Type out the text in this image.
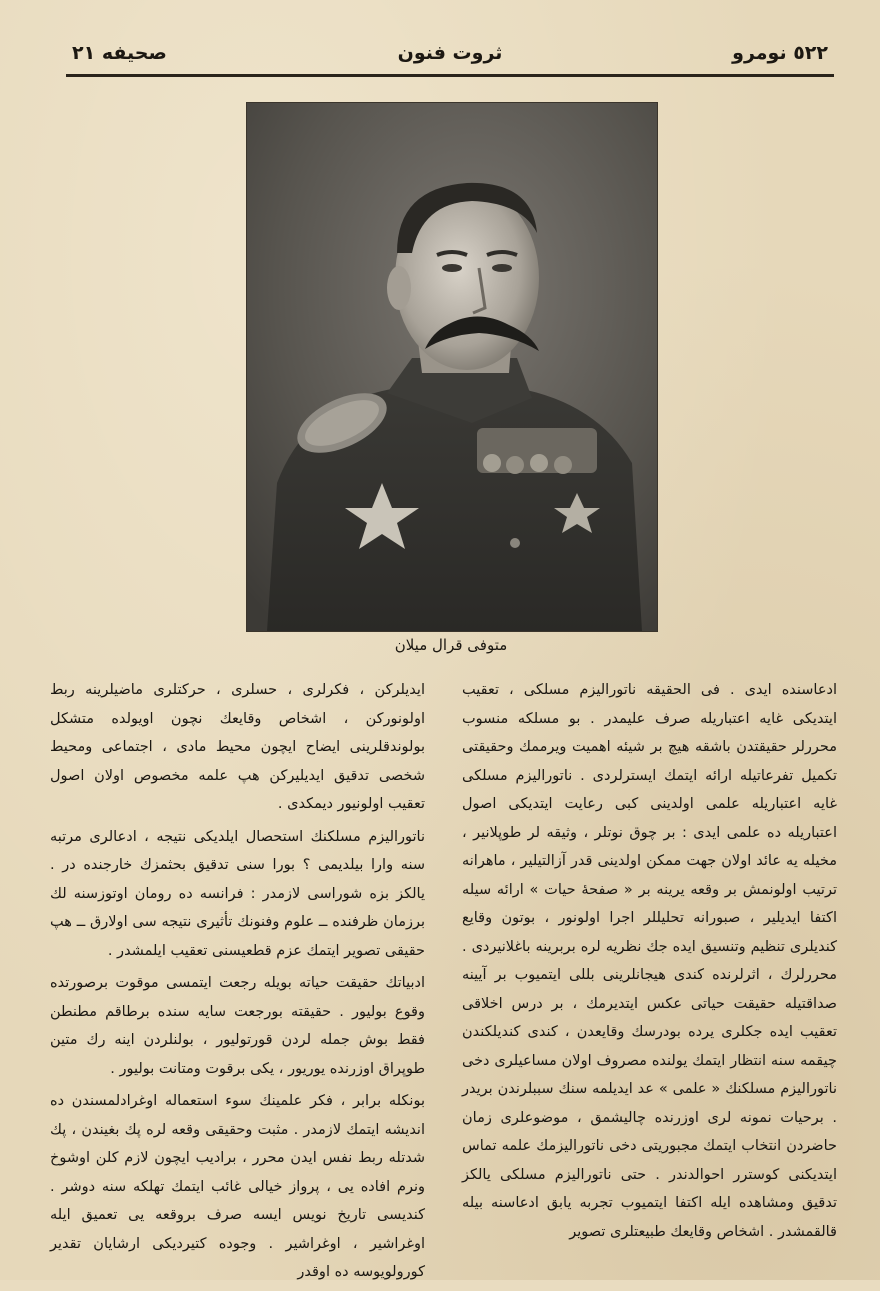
٥٢٢ نومرو
ثروت فنون
صحيفه ٢١
متوفى قرال ميلان

ادعاسنده ايدى . فى الحقيقه ناتوراليزم مسلكى ، تعقيب ايتديكى غايه اعتباريله صرف عليمدر . بو مسلكه منسوب محررلر حقيقتدن باشقه هيچ بر شيئه اهميت ويرممك وحقيقتى تكميل تفرعاتيله ارائه ايتمك ايسترلردى . ناتوراليزم مسلكى غايه اعتباريله علمى اولدينى كبى رعايت ايتديكى اصول اعتباريله ده علمى ايدى : بر چوق نوتلر ، وثيقه لر طوپلانير ، مخيله يه عائد اولان جهت ممكن اولدينى قدر آزالتيلير ، ماهرانه ترتيب اولونمش بر وقعه يرينه بر « صفحهٔ حيات » ارائه سيله اكتفا ايديلير ، صبورانه تحليللر اجرا اولونور ، بوتون وقايع كنديلرى تنظيم وتنسيق ايده جك نظريه لره بربرينه باغلانيردى . محررلرك ، اثرلرنده كندى هيجانلرينى بللى ايتميوب بر آيينه صداقتيله حقيقت حياتى عكس ايتديرمك ، بر درس اخلاقى تعقيب ايده جكلرى يرده بودرسك وقايعدن ، كندى كنديلكندن چيقمه سنه انتظار ايتمك يولنده مصروف اولان مساعيلرى دخى ناتوراليزم مسلكنك « علمى » عد ايديلمه سنك سببلرندن بريدر . برحيات نمونه لرى اوزرنده چاليشمق ، موضوعلرى زمان حاضردن انتخاب ايتمك مجبوريتى دخى ناتوراليزمك علمه تماس ايتديكنى كوسترر احوالدندر . حتى ناتوراليزم مسلكى يالكز تدقيق ومشاهده ايله اكتفا ايتميوب تجربه يابق ادعاسنه بيله قالقمشدر . اشخاص وقايعك طبيعتلرى تصوير

ايديلركن ، فكرلرى ، حسلرى ، حركتلرى ماضيلرينه ربط اولونوركن ، اشخاص وقايعك نچون اويولده متشكل بولوندقلرينى ايضاح ايچون محيط مادى ، اجتماعى ومحيط شخصى تدقيق ايديليركن هپ علمه مخصوص اولان اصول تعقيب اولونيور ديمكدى .

ناتوراليزم مسلكنك استحصال ايلديكى نتيجه ، ادعالرى مرتبه سنه وارا بيلديمى ؟ بورا سنى تدقيق بحثمزك خارجنده در . يالكز بزه شوراسى لازمدر : فرانسه ده رومان اوتوزسنه لك برزمان ظرفنده ــ علوم وفنونك تأثيرى نتيجه سى اولارق ــ هپ حقيقى تصوير ايتمك عزم قطعيسنى تعقيب ايلمشدر .

ادبياتك حقيقت حياته بويله رجعت ايتمسى موقوت برصورتده وقوع بوليور . حقيقته بورجعت سايه سنده برطاقم مطنطن فقط بوش جمله لردن قورتوليور ، بولنلردن اينه رك متين طوپراق اوزرنده يوريور ، يكى برقوت ومتانت بوليور .

بونكله برابر ، فكر علمينك سوء استعماله اوغرادلمسندن ده انديشه ايتمك لازمدر . مثبت وحقيقى وقعه لره پك بغيندن ، پك شدتله ربط نفس ايدن محرر ، براديب ايچون لازم كلن اوشوخ ونرم افاده يى ، پرواز خيالى غائب ايتمك تهلكه سنه دوشر . كنديسى تاريخ نويس ايسه صرف بروقعه يى تعميق ايله اوغراشير ، اوغراشير . وجوده كتيرديكى ارشايان تقدير كورولويوسه ده اوقدر
